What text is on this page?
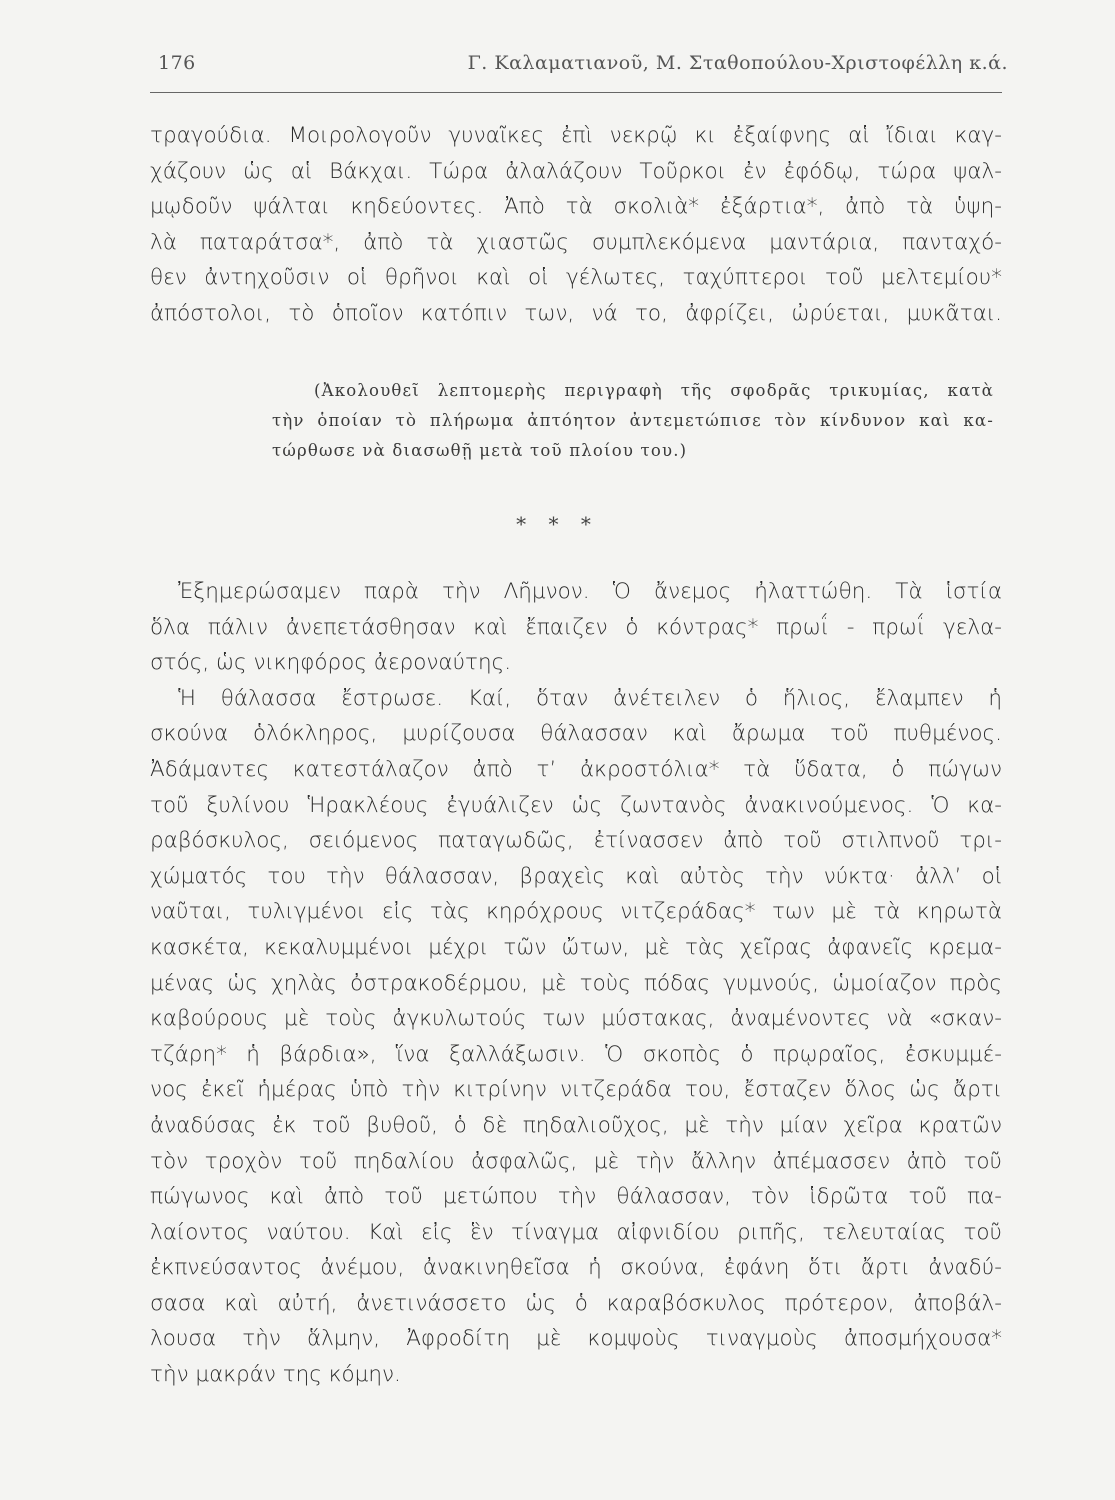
176	Γ. Καλαματιανοῦ, Μ. Σταθοπούλου-Χριστοφέλλη κ.ά.
τραγούδια. Μοιρολογοῦν γυναῖκες ἐπὶ νεκρῷ κι ἐξαίφνης αἱ ἴδιαι καγ-
χάζουν ὡς αἱ Βάκχαι. Τώρα ἀλαλάζουν Τοῦρκοι ἐν ἐφόδῳ, τώρα ψαλ-
μῳδοῦν ψάλται κηδεύοντες. Ἀπὸ τὰ σκολιὰ* ἐξάρτια*, ἀπὸ τὰ ὑψη-
λὰ παταράτσα*, ἀπὸ τὰ χιαστῶς συμπλεκόμενα μαντάρια, πανταχό-
θεν ἀντηχοῦσιν οἱ θρῆνοι καὶ οἱ γέλωτες, ταχύπτεροι τοῦ μελτεμίου*
ἀπόστολοι, τὸ ὁποῖον κατόπιν των, νά το, ἀφρίζει, ὠρύεται, μυκᾶται.
(Ἀκολουθεῖ λεπτομερὴς περιγραφὴ τῆς σφοδρᾶς τρικυμίας, κατὰ
τὴν ὁποίαν τὸ πλήρωμα ἀπτόητον ἀντεμετώπισε τὸν κίνδυνον καὶ κα-
τώρθωσε νὰ διασωθῇ μετὰ τοῦ πλοίου του.)
* * *
Ἐξημερώσαμεν παρὰ τὴν Λῆμνον. Ὁ ἄνεμος ἠλαττώθη. Τὰ ἱστία
ὅλα πάλιν ἀνεπετάσθησαν καὶ ἔπαιζεν ὁ κόντρας* πρωΐ - πρωΐ γελα-
στός, ὡς νικηφόρος ἀεροναύτης.
Ἡ θάλασσα ἔστρωσε. Καί, ὅταν ἀνέτειλεν ὁ ἥλιος, ἔλαμπεν ἡ
σκούνα ὁλόκληρος, μυρίζουσα θάλασσαν καὶ ἄρωμα τοῦ πυθμένος.
Ἀδάμαντες κατεστάλαζον ἀπὸ τ’ ἀκροστόλια* τὰ ὕδατα, ὁ πώγων
τοῦ ξυλίνου Ἡρακλέους ἐγυάλιζεν ὡς ζωντανὸς ἀνακινούμενος. Ὁ κα-
ραβόσκυλος, σειόμενος παταγωδῶς, ἐτίνασσεν ἀπὸ τοῦ στιλπνοῦ τρι-
χώματός του τὴν θάλασσαν, βραχεὶς καὶ αὐτὸς τὴν νύκτα· ἀλλ’ οἱ
ναῦται, τυλιγμένοι εἰς τὰς κηρόχρους νιτζεράδας* των μὲ τὰ κηρωτὰ
κασκέτα, κεκαλυμμένοι μέχρι τῶν ὤτων, μὲ τὰς χεῖρας ἀφανεῖς κρεμα-
μένας ὡς χηλὰς ὀστρακοδέρμου, μὲ τοὺς πόδας γυμνούς, ὡμοίαζον πρὸς
καβούρους μὲ τοὺς ἀγκυλωτούς των μύστακας, ἀναμένοντες νὰ «σκαν-
τζάρη* ἡ βάρδια», ἵνα ξαλλάξωσιν. Ὁ σκοπὸς ὁ πρῳραῖος, ἐσκυμμέ-
νος ἐκεῖ ἡμέρας ὑπὸ τὴν κιτρίνην νιτζεράδα του, ἔσταζεν ὅλος ὡς ἄρτι
ἀναδύσας ἐκ τοῦ βυθοῦ, ὁ δὲ πηδαλιοῦχος, μὲ τὴν μίαν χεῖρα κρατῶν
τὸν τροχὸν τοῦ πηδαλίου ἀσφαλῶς, μὲ τὴν ἄλλην ἀπέμασσεν ἀπὸ τοῦ
πώγωνος καὶ ἀπὸ τοῦ μετώπου τὴν θάλασσαν, τὸν ἱδρῶτα τοῦ πα-
λαίοντος ναύτου. Καὶ εἰς ἓν τίναγμα αἰφνιδίου ριπῆς, τελευταίας τοῦ
ἐκπνεύσαντος ἀνέμου, ἀνακινηθεῖσα ἡ σκούνα, ἐφάνη ὅτι ἄρτι ἀναδύ-
σασα καὶ αὐτή, ἀνετινάσσετο ὡς ὁ καραβόσκυλος πρότερον, ἀποβάλ-
λουσα τὴν ἅλμην, Ἀφροδίτη μὲ κομψοὺς τιναγμοὺς ἀποσμήχουσα*
τὴν μακράν της κόμην.
